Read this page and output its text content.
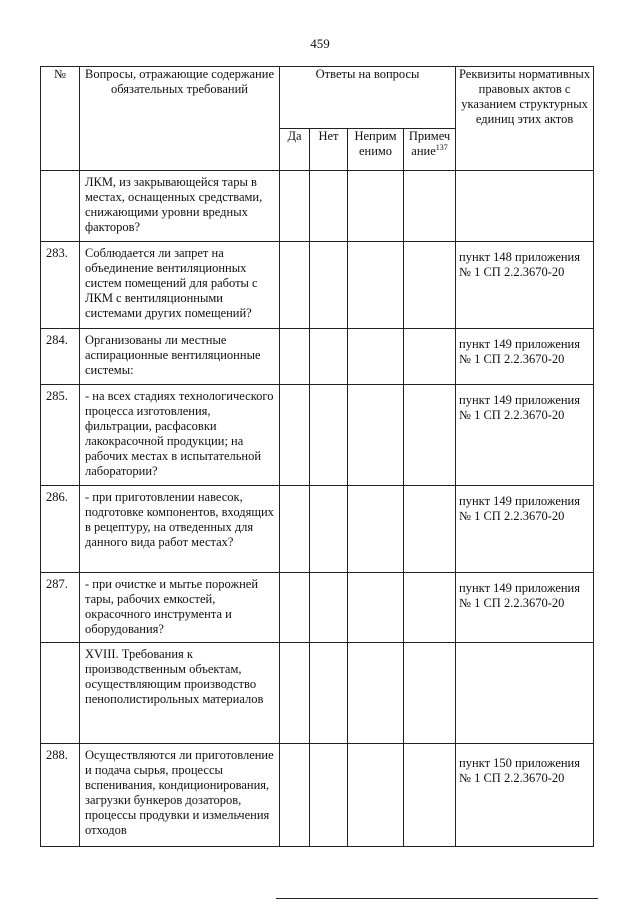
459
№	Вопросы, отражающие содержание обязательных требований	Ответы на вопросы				Реквизиты нормативных правовых актов с указанием структурных единиц этих актов
		Да	Нет	Неприм енимо	Примеч ание$^{137}$
	ЛКМ, из закрывающейся тары в местах, оснащенных средствами, снижающими уровни вредных факторов?					
283.	Соблюдается ли запрет на объединение вентиляционных систем помещений для работы с ЛКМ с вентиляционными системами других помещений?					пункт 148 приложения № 1 СП 2.2.3670-20
284.	Организованы ли местные аспирационные вентиляционные системы:					пункт 149 приложения № 1 СП 2.2.3670-20
285.	- на всех стадиях технологического процесса изготовления, фильтрации, расфасовки лакокрасочной продукции; на рабочих местах в испытательной лаборатории?					пункт 149 приложения № 1 СП 2.2.3670-20
286.	- при приготовлении навесок, подготовке компонентов, входящих в рецептуру, на отведенных для данного вида работ местах?					пункт 149 приложения № 1 СП 2.2.3670-20
287.	- при очистке и мытье порожней тары, рабочих емкостей, окрасочного инструмента и оборудования?					пункт 149 приложения № 1 СП 2.2.3670-20
	XVIII. Требования к производственным объектам, осуществляющим производство пенополистирольных материалов					
288.	Осуществляются ли приготовление и подача сырья, процессы вспенивания, кондиционирования, загрузки бункеров дозаторов, процессы продувки и измельчения отходов					пункт 150 приложения № 1 СП 2.2.3670-20
